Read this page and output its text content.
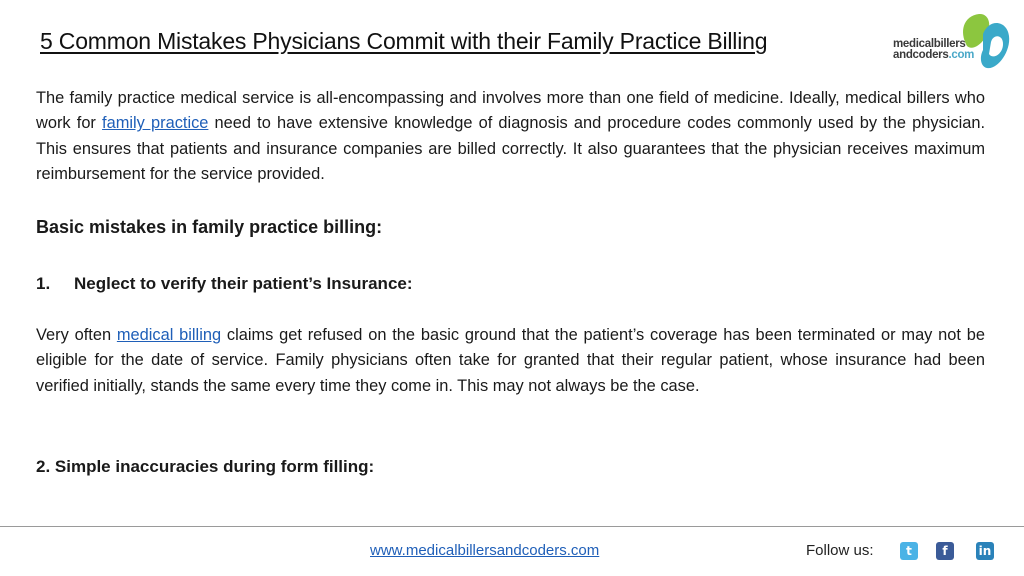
5 Common Mistakes Physicians Commit with their Family Practice Billing	medicalbillers
andcoders.com

The family practice medical service is all-encompassing and involves more than one field of medicine. Ideally, medical billers who work for family practice need to have extensive knowledge of diagnosis and procedure codes commonly used by the physician. This ensures that patients and insurance companies are billed correctly. It also guarantees that the physician receives maximum reimbursement for the service provided.

Basic mistakes in family practice billing:

1. Neglect to verify their patient’s Insurance:

Very often medical billing claims get refused on the basic ground that the patient’s coverage has been terminated or may not be eligible for the date of service. Family physicians often take for granted that their regular patient, whose insurance had been verified initially, stands the same every time they come in. This may not always be the case.

2. Simple inaccuracies during form filling:

www.medicalbillersandcoders.com	Follow us:	t	f	in
